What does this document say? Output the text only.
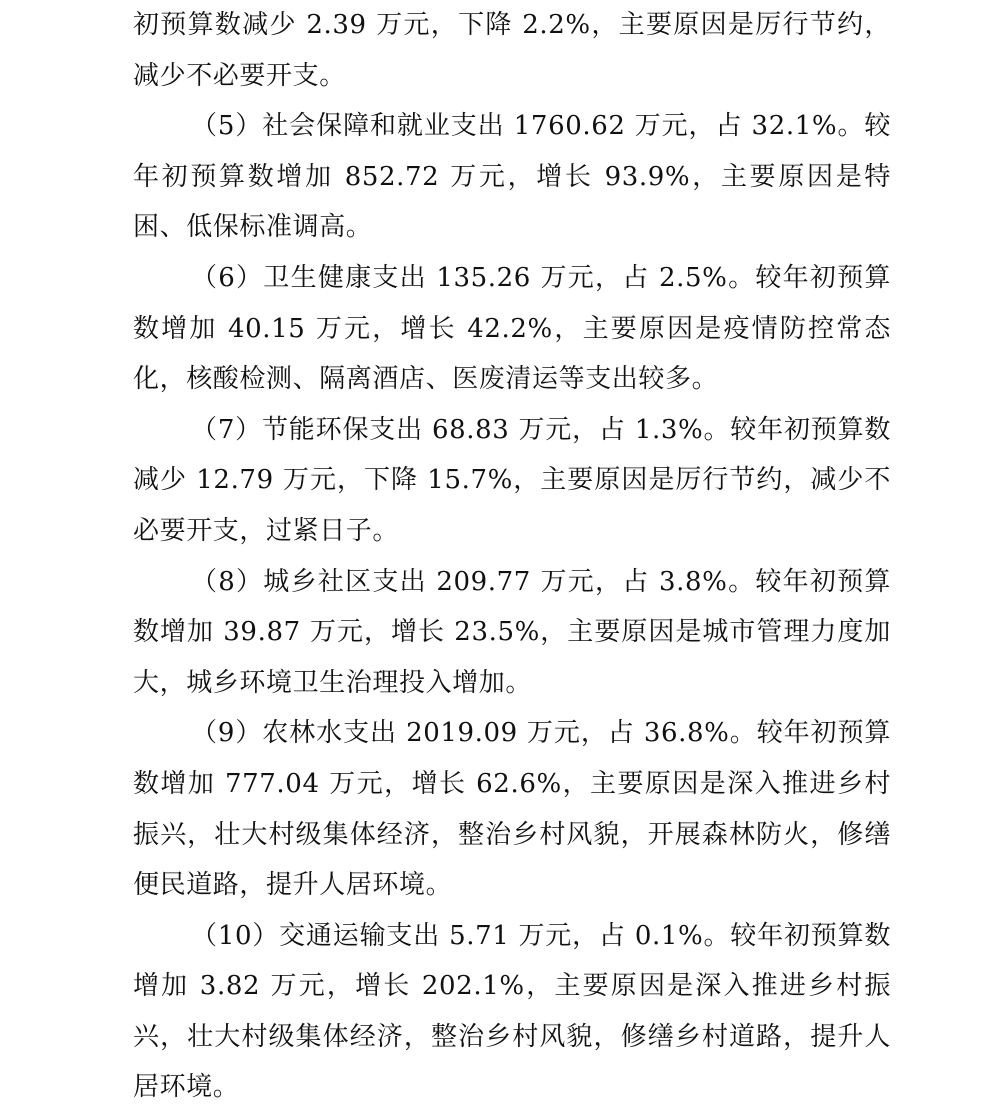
初预算数减少 2.39 万元，下降 2.2%，主要原因是厉行节约，减少不必要开支。

（5）社会保障和就业支出 1760.62 万元，占 32.1%。较年初预算数增加 852.72 万元，增长 93.9%，主要原因是特困、低保标准调高。

（6）卫生健康支出 135.26 万元，占 2.5%。较年初预算数增加 40.15 万元，增长 42.2%，主要原因是疫情防控常态化，核酸检测、隔离酒店、医废清运等支出较多。

（7）节能环保支出 68.83 万元，占 1.3%。较年初预算数减少 12.79 万元，下降 15.7%，主要原因是厉行节约，减少不必要开支，过紧日子。

（8）城乡社区支出 209.77 万元，占 3.8%。较年初预算数增加 39.87 万元，增长 23.5%，主要原因是城市管理力度加大，城乡环境卫生治理投入增加。

（9）农林水支出 2019.09 万元，占 36.8%。较年初预算数增加 777.04 万元，增长 62.6%，主要原因是深入推进乡村振兴，壮大村级集体经济，整治乡村风貌，开展森林防火，修缮便民道路，提升人居环境。

（10）交通运输支出 5.71 万元，占 0.1%。较年初预算数增加 3.82 万元，增长 202.1%，主要原因是深入推进乡村振兴，壮大村级集体经济，整治乡村风貌，修缮乡村道路，提升人居环境。
